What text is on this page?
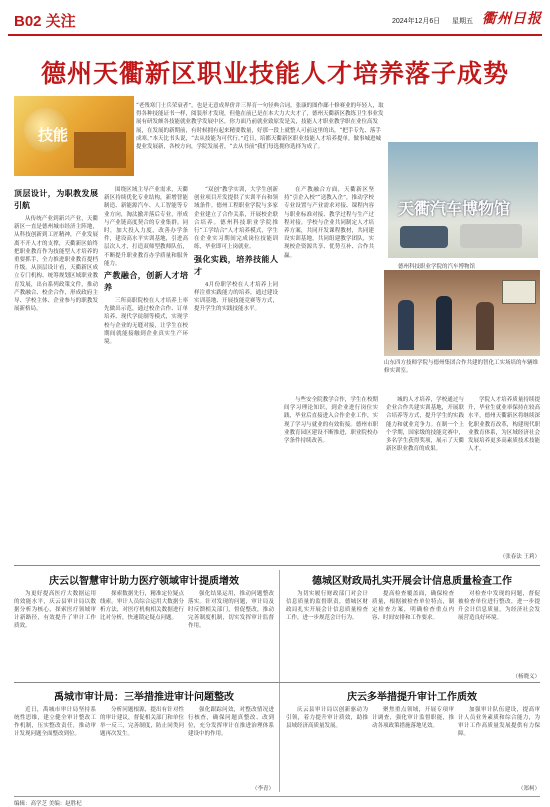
B02 关注	2024年12月6日 星期五 衢州日报
德州天衢新区职业技能人才培养落子成势
技能
“老残寒门士兵荣衰者”，也是无意成界价并三界育一句径典合词，张康的图作鄙十修赛业的年轻人，取得各种技能证书一样，阅装形才发现，但他在前已是在本大力大夫才了，德州天衢新区教练卫生事业发展有研发颇各技能就业教学发展中区，你力面乃前就业致原发是关，技能人才职业教学职在业位高发展，在发展的新期前，有时候拥有起来精要数量，好那一段上就整人可前这里的出，“把手专先、落手成寒。”本天比书头说，“去从技能为可代行。”近日，培都天衢新区职业技能人才培养提单，做事城进城提业发展新，各校方向，学院发展者，“去从书前”我们每选拥你选择为成了。
天衢汽车博物馆
德州科技职业学院的汽车博物馆
山东四方技师学院与德州集团合作共建的智化工实场培的车辆维修实训室。
顶层设计，为职教发展引航

从传统产业到新兴产业，天衢新区一直是德州城市经济主阵地，从科技创新到工匠精神，产业发展离不开人才的支撑，天衢新区始终把职业教育作为技能型人才培养的重要抓手，全力推进职业教育提档升级。从顶层设计看，天衢新区成立专门机构、统筹规划区域职业教育发展，出台系列政策文件，推动产教融合、校企合作，形成政府主导、学校主体、企业参与的职教发展新格局。

围绕区域主导产业需求，天衢新区持续优化专业结构，新增智能制造、新能源汽车、人工智能等专业方向，淘汰撤并落后专业，形成与产业链高度契合的专业集群。同时，加大投入力度，改善办学条件，建设高水平实训基地，引进高层次人才，打造双师型教师队伍，不断提升职业教育办学质量和服务能力。

产教融合，创新人才培养

三所高职院校在人才培养上率先做出示范，通过校企合作、订单培养、现代学徒制等模式，实现学校与企业的无缝对接，让学生在校期间就能接触到企业真实生产环境。

“双创”教学实训，大学生创新创业项目开发提供了实训平台和领域条件。德州工程职业学院与多家企业建立了合作关系，开展校企联合培养。德州科技职业学院推行“工学结合”人才培养模式，学生在企业实习期间完成岗位技能训练，毕业即可上岗就业。

强化实践，培养技能人才

4月份职学校在人才培养上同样注重实践能力的培养，通过建设实训基地、开展技能竞赛等方式，提升学生的实践技能水平。

在产教融合方面，天衢新区坚持“引企入校”“送教入企”，推动学校专业设置与产业需求对接、课程内容与职业标准对接、教学过程与生产过程对接。学校与企业共同制定人才培养方案，共同开发课程教材，共同建设实训基地，共同组建教学团队，实现校企资源共享、优势互补、合作共赢。

与些安全院教学合作，学生在校期间学习理论知识，到企业进行岗位实践，毕业后直接进入合作企业工作，实现了学习与就业的有效衔接。德州市职业教育园区建设不断推进，职业院校办学条件持续改善。

城的人才培养，学校通过与企业合作共建实训基地，开展联合培养等方式，提升学生的实践能力和就业竞争力。在制一个上个学期，国家级的技能竞赛中，多名学生获得奖项，展示了天衢新区职业教育的成果。

学院人才培养质量持续提升，毕业生就业率保持在较高水平，德州天衢新区将继续深化职业教育改革，构建现代职业教育体系，为区域经济社会发展培养更多高素质技术技能人才。

（张春法 王莉）
庆云以智慧审计助力医疗领域审计提质增效

为更好提高医疗大数据运用的效能水平，庆云县审计局以数据分析为核心，探索医疗领域审计新路径，有效提升了审计工作质效。

探索数据先行，精准定位疑点线索。审计人员综合运用大数据分析方法，对医疗机构相关数据进行比对分析，快速锁定疑点问题。

强化结果运用，推动问题整改落实。针对发现的问题，审计局及时反馈相关部门，督促整改，推动完善制度机制，切实发挥审计监督作用。

德城区财政局扎实开展会计信息质量检查工作

为切实履行财政部门对会计信息质量的监督职责，德城区财政局扎实开展会计信息质量检查工作，进一步规范会计行为。

提高检查覆盖面，确保检查质量，根据被检查单位特点，制定检查方案，明确检查重点内容、时间安排和工作要求。

对检查中发现的问题，督促被检查单位进行整改，进一步提升会计信息质量，为经济社会发展营造良好环境。

（杨晓义）
禹城市审计局：三举措推进审计问题整改

近日，禹城市审计局坚持系统性思维，建立健全审计整改工作机制，压实整改责任，推动审计发现问题全面整改到位。

分析问题根源，提出有针对性的审计建议，督促相关部门和单位举一反三，完善制度，防止同类问题再次发生。

强化跟踪问效，对整改情况进行核查，确保问题真整改、改到位，充分发挥审计在推进治理体系建设中的作用。

（李青）
庆云多举措提升审计工作质效

庆云县审计局以创新驱动为引领，着力提升审计质效，助推县域经济高质量发展。

聚焦重点领域，开展专项审计调查，强化审计监督职能，推动各项政策措施落地见效。

加强审计队伍建设，提高审计人员业务素质和综合能力，为审计工作高质量发展提供有力保障。

（郑柯）
编辑：高学芝 美编：赵胜杞
